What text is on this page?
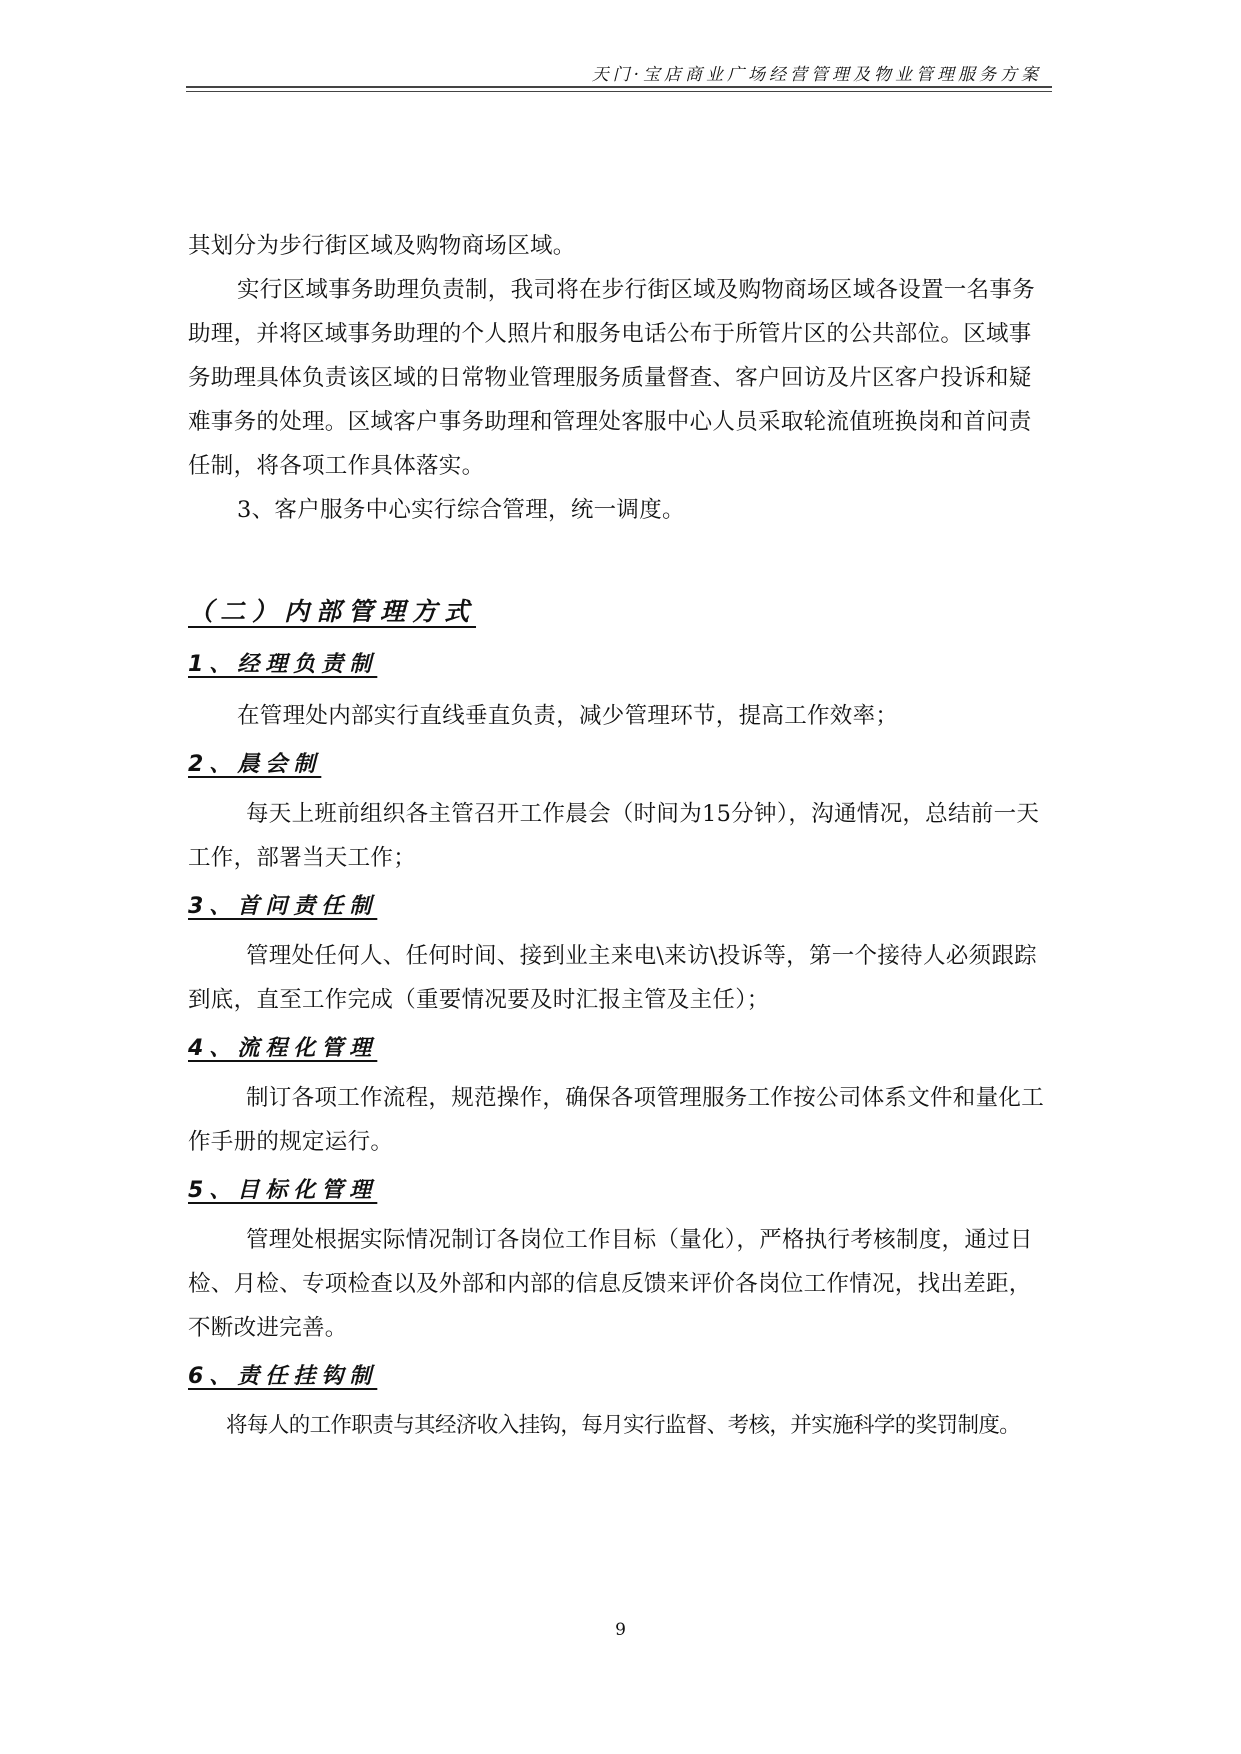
天门·宝店商业广场经营管理及物业管理服务方案

其划分为步行街区域及购物商场区域。

实行区域事务助理负责制，我司将在步行街区域及购物商场区域各设置一名事务助理，并将区域事务助理的个人照片和服务电话公布于所管片区的公共部位。区域事务助理具体负责该区域的日常物业管理服务质量督查、客户回访及片区客户投诉和疑难事务的处理。区域客户事务助理和管理处客服中心人员采取轮流值班换岗和首问责任制，将各项工作具体落实。

3、客户服务中心实行综合管理，统一调度。

（二）内部管理方式

1、经理负责制

在管理处内部实行直线垂直负责，减少管理环节，提高工作效率；

2、晨会制

每天上班前组织各主管召开工作晨会（时间为15分钟），沟通情况，总结前一天工作，部署当天工作；

3、首问责任制

管理处任何人、任何时间、接到业主来电\来访\投诉等，第一个接待人必须跟踪到底，直至工作完成（重要情况要及时汇报主管及主任）；

4、流程化管理

制订各项工作流程，规范操作，确保各项管理服务工作按公司体系文件和量化工作手册的规定运行。

5、目标化管理

管理处根据实际情况制订各岗位工作目标（量化），严格执行考核制度，通过日检、月检、专项检查以及外部和内部的信息反馈来评价各岗位工作情况，找出差距，不断改进完善。

6、责任挂钩制

将每人的工作职责与其经济收入挂钩，每月实行监督、考核，并实施科学的奖罚制度。

9
